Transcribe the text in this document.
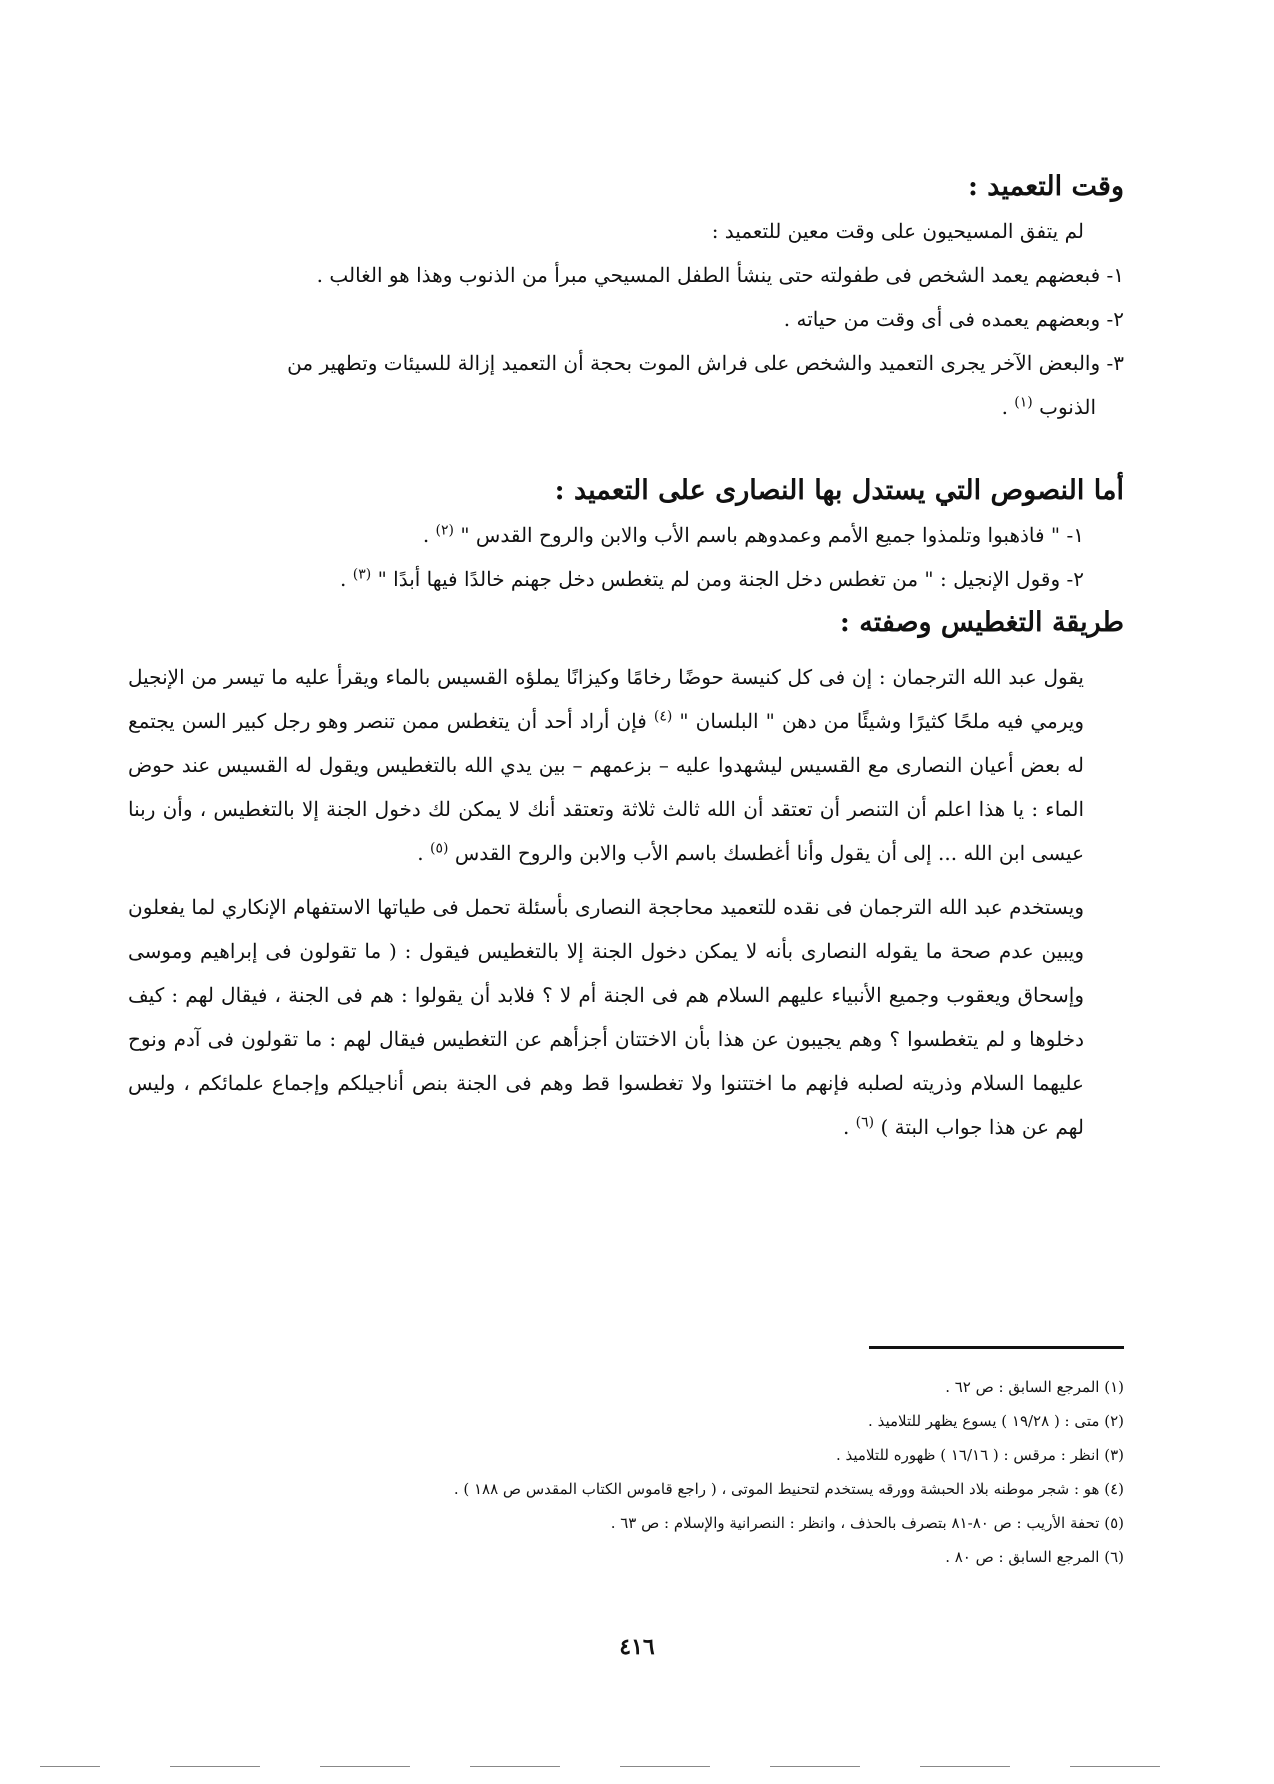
وقت التعميد :

لم يتفق المسيحيون على وقت معين للتعميد :

١- فبعضهم يعمد الشخص فى طفولته حتى ينشأ الطفل المسيحي مبرأ من الذنوب وهذا هو الغالب .

٢- وبعضهم يعمده فى أى وقت من حياته .

٣- والبعض الآخر يجرى التعميد والشخص على فراش الموت بحجة أن التعميد إزالة للسيئات وتطهير من

الذنوب $^{(١)}$ .

أما النصوص التي يستدل بها النصارى على التعميد :

١- " فاذهبوا وتلمذوا جميع الأمم وعمدوهم باسم الأب والابن والروح القدس " $^{(٢)}$ .

٢- وقول الإنجيل : " من تغطس دخل الجنة ومن لم يتغطس دخل جهنم خالدًا فيها أبدًا " $^{(٣)}$ .

طريقة التغطيس وصفته :

يقول عبد الله الترجمان : إن فى كل كنيسة حوضًا رخامًا وكيزانًا يملؤه القسيس بالماء ويقرأ عليه ما تيسر من الإنجيل ويرمي فيه ملحًا كثيرًا وشيئًا من دهن " البلسان " $^{(٤)}$ فإن أراد أحد أن يتغطس ممن تنصر وهو رجل كبير السن يجتمع له بعض أعيان النصارى مع القسيس ليشهدوا عليه – بزعمهم – بين يدي الله بالتغطيس ويقول له القسيس عند حوض الماء : يا هذا اعلم أن التنصر أن تعتقد أن الله ثالث ثلاثة وتعتقد أنك لا يمكن لك دخول الجنة إلا بالتغطيس ، وأن ربنا عيسى ابن الله ... إلى أن يقول وأنا أغطسك باسم الأب والابن والروح القدس $^{(٥)}$ .

ويستخدم عبد الله الترجمان فى نقده للتعميد محاججة النصارى بأسئلة تحمل فى طياتها الاستفهام الإنكاري لما يفعلون ويبين عدم صحة ما يقوله النصارى بأنه لا يمكن دخول الجنة إلا بالتغطيس فيقول : ( ما تقولون فى إبراهيم وموسى وإسحاق ويعقوب وجميع الأنبياء عليهم السلام هم فى الجنة أم لا ؟ فلابد أن يقولوا : هم فى الجنة ، فيقال لهم : كيف دخلوها و لم يتغطسوا ؟ وهم يجيبون عن هذا بأن الاختتان أجزأهم عن التغطيس فيقال لهم : ما تقولون فى آدم ونوح عليهما السلام وذريته لصلبه فإنهم ما اختتنوا ولا تغطسوا قط وهم فى الجنة بنص أناجيلكم وإجماع علمائكم ، وليس لهم عن هذا جواب البتة ) $^{(٦)}$ .

(١) المرجع السابق : ص ٦٢ .

(٢) متى : ( ١٩/٢٨ ) يسوع يظهر للتلاميذ .

(٣) انظر : مرقس : ( ١٦/١٦ ) ظهوره للتلاميذ .

(٤) هو : شجر موطنه بلاد الحبشة وورقه يستخدم لتحنيط الموتى ، ( راجع قاموس الكتاب المقدس ص ١٨٨ ) .

(٥) تحفة الأريب : ص ٨٠-٨١ بتصرف بالحذف ، وانظر : النصرانية والإسلام : ص ٦٣ .

(٦) المرجع السابق : ص ٨٠ .

٤١٦
